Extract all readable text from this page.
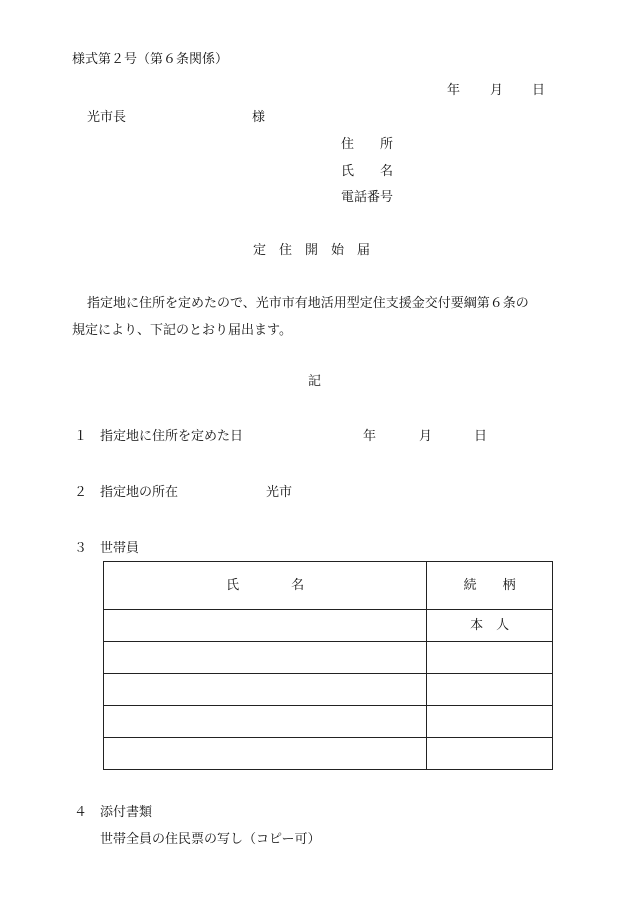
様式第２号（第６条関係）
年 月 日
光市長	様
住　　所
氏　　名
電話番号
定　住　開　始　届
指定地に住所を定めたので、光市市有地活用型定住支援金交付要綱第６条の
規定により、下記のとおり届出ます。
記
１ 指定地に住所を定めた日	年	月	日
２ 指定地の所在	光市
３ 世帯員
氏　　　　名	続　　柄
	本　人

４ 添付書類
世帯全員の住民票の写し（コピー可）
